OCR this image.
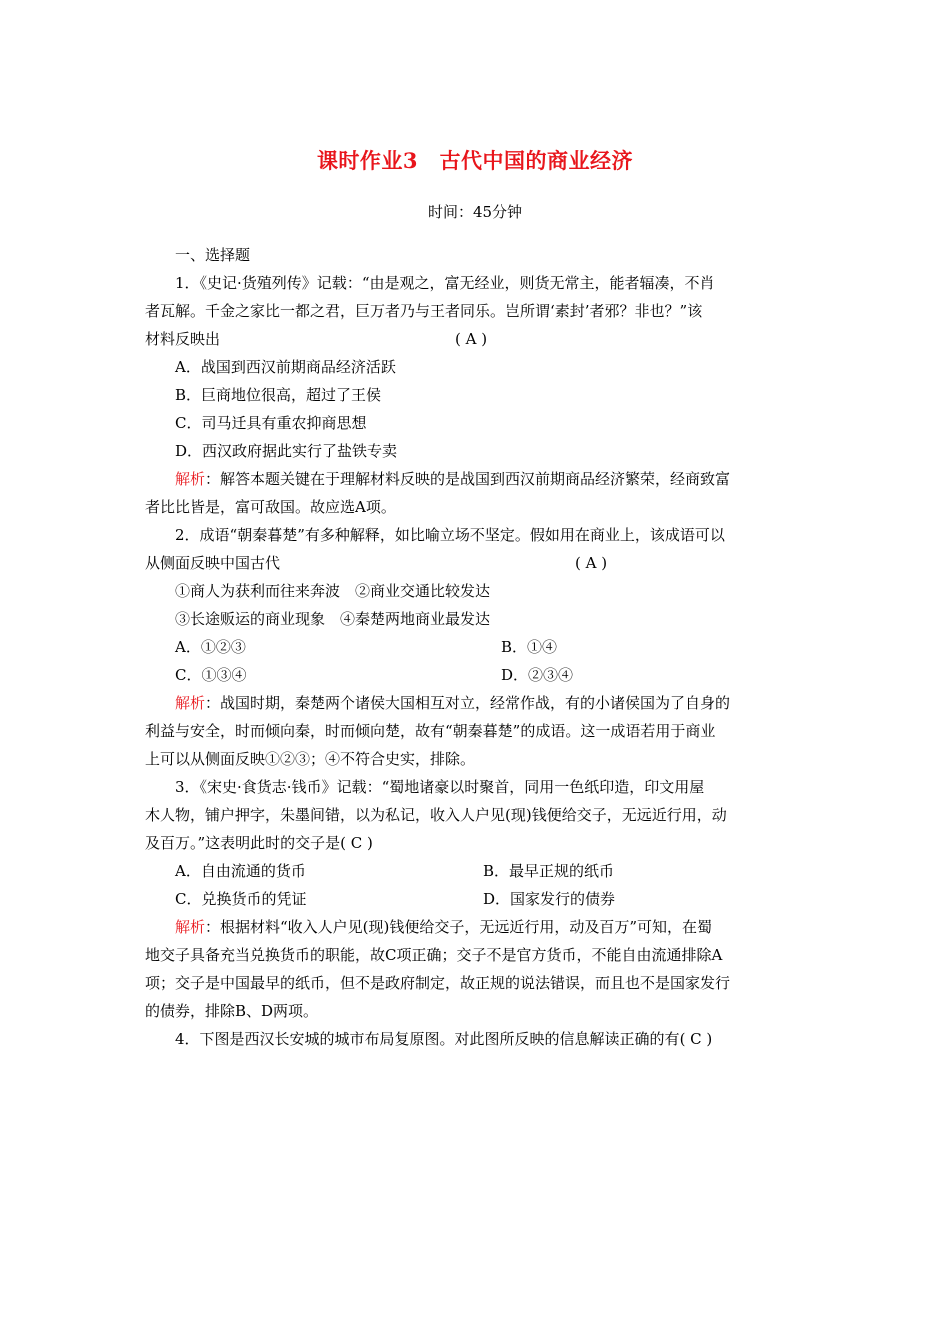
课时作业3　古代中国的商业经济
时间：45分钟
一、选择题
1．《史记·货殖列传》记载：“由是观之，富无经业，则货无常主，能者辐凑，不肖
者瓦解。千金之家比一都之君，巨万者乃与王者同乐。岂所谓‘素封’者邪？非也？”该
材料反映出	( A )
A．战国到西汉前期商品经济活跃
B．巨商地位很高，超过了王侯
C．司马迁具有重农抑商思想
D．西汉政府据此实行了盐铁专卖
解析：解答本题关键在于理解材料反映的是战国到西汉前期商品经济繁荣，经商致富
者比比皆是，富可敌国。故应选A项。
2．成语“朝秦暮楚”有多种解释，如比喻立场不坚定。假如用在商业上，该成语可以
从侧面反映中国古代	( A )
①商人为获利而往来奔波　②商业交通比较发达
③长途贩运的商业现象　④秦楚两地商业最发达
A．①②③	B．①④
C．①③④	D．②③④
解析：战国时期，秦楚两个诸侯大国相互对立，经常作战，有的小诸侯国为了自身的
利益与安全，时而倾向秦，时而倾向楚，故有“朝秦暮楚”的成语。这一成语若用于商业
上可以从侧面反映①②③；④不符合史实，排除。
3．《宋史·食货志·钱币》记载：“蜀地诸豪以时聚首，同用一色纸印造，印文用屋
木人物，铺户押字，朱墨间错，以为私记，收入人户见(现)钱便给交子，无远近行用，动
及百万。”这表明此时的交子是( C )
A．自由流通的货币	B．最早正规的纸币
C．兑换货币的凭证	D．国家发行的债券
解析：根据材料“收入人户见(现)钱便给交子，无远近行用，动及百万”可知，在蜀
地交子具备充当兑换货币的职能，故C项正确；交子不是官方货币，不能自由流通排除A
项；交子是中国最早的纸币，但不是政府制定，故正规的说法错误，而且也不是国家发行
的债券，排除B、D两项。
4．下图是西汉长安城的城市布局复原图。对此图所反映的信息解读正确的有( C )
